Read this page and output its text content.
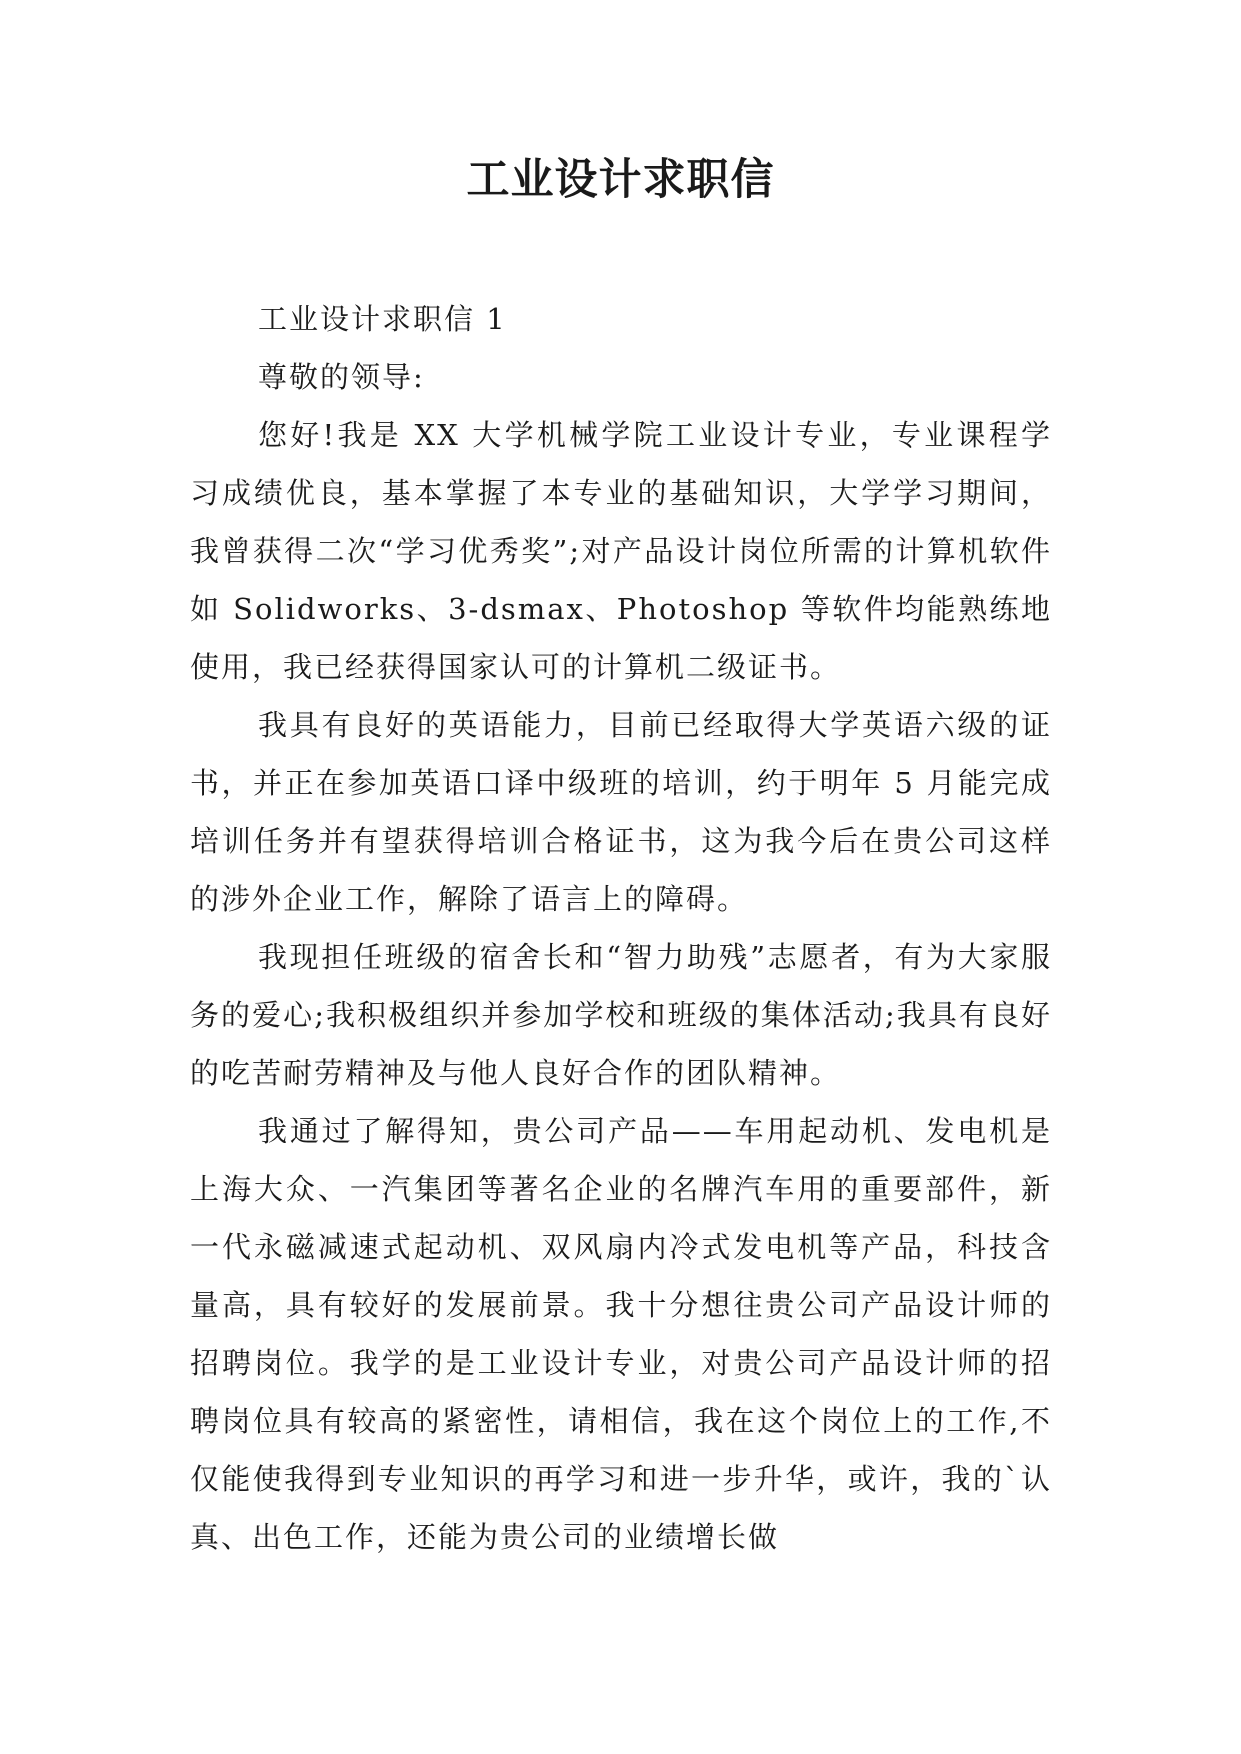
工业设计求职信

工业设计求职信 1

尊敬的领导:

您好!我是 XX 大学机械学院工业设计专业，专业课程学习成绩优良，基本掌握了本专业的基础知识，大学学习期间，我曾获得二次“学习优秀奖”;对产品设计岗位所需的计算机软件如 Solidworks、3-dsmax、Photoshop 等软件均能熟练地使用，我已经获得国家认可的计算机二级证书。

我具有良好的英语能力，目前已经取得大学英语六级的证书，并正在参加英语口译中级班的培训，约于明年 5 月能完成培训任务并有望获得培训合格证书，这为我今后在贵公司这样的涉外企业工作，解除了语言上的障碍。

我现担任班级的宿舍长和“智力助残”志愿者，有为大家服务的爱心;我积极组织并参加学校和班级的集体活动;我具有良好的吃苦耐劳精神及与他人良好合作的团队精神。

我通过了解得知，贵公司产品——车用起动机、发电机是上海大众、一汽集团等著名企业的名牌汽车用的重要部件，新一代永磁减速式起动机、双风扇内冷式发电机等产品，科技含量高，具有较好的发展前景。我十分想往贵公司产品设计师的招聘岗位。我学的是工业设计专业，对贵公司产品设计师的招聘岗位具有较高的紧密性，请相信，我在这个岗位上的工作,不仅能使我得到专业知识的再学习和进一步升华，或许，我的`认真、出色工作，还能为贵公司的业绩增长做
